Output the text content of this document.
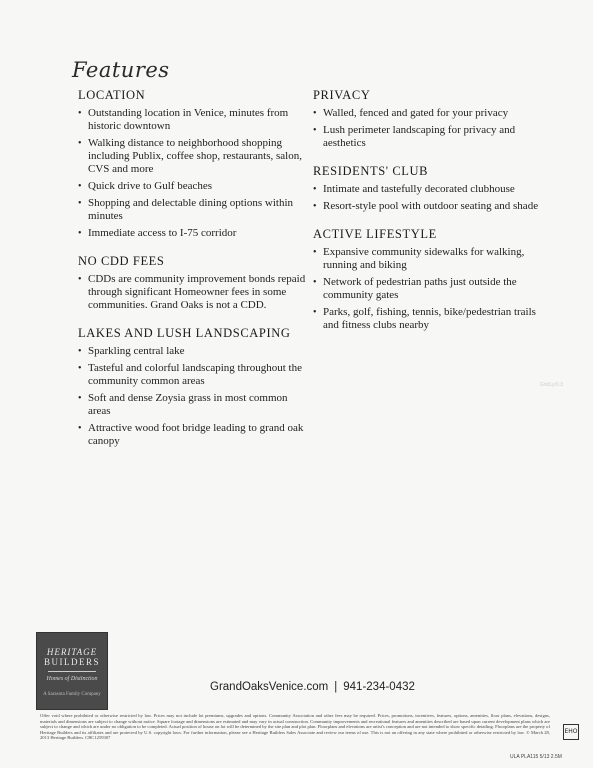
Features
LOCATION
• Outstanding location in Venice, minutes from historic downtown
• Walking distance to neighborhood shopping including Publix, coffee shop, restaurants, salon, CVS and more
• Quick drive to Gulf beaches
• Shopping and delectable dining options within minutes
• Immediate access to I-75 corridor
NO CDD FEES
• CDDs are community improvement bonds repaid through significant Homeowner fees in some communities. Grand Oaks is not a CDD.
LAKES AND LUSH LANDSCAPING
• Sparkling central lake
• Tasteful and colorful landscaping throughout the community common areas
• Soft and dense Zoysia grass in most common areas
• Attractive wood foot bridge leading to grand oak canopy
PRIVACY
• Walled, fenced and gated for your privacy
• Lush perimeter landscaping for privacy and aesthetics
RESIDENTS' CLUB
• Intimate and tastefully decorated clubhouse
• Resort-style pool with outdoor seating and shade
ACTIVE LIFESTYLE
• Expansive community sidewalks for walking, running and biking
• Network of pedestrian paths just outside the community gates
• Parks, golf, fishing, tennis, bike/pedestrian trails and fitness clubs nearby
GridLy/0.3
HERITAGE
BUILDERS
Homes of Distinction
A Sarasota Family Company
GrandOaksVenice.com | 941-234-0432
Offer void where prohibited or otherwise restricted by law. Prices may not include lot premiums, upgrades and options. Community Association and other fees may be required. Prices, promotions, incentives, features, options, amenities, floor plans, elevations, designs, materials and dimensions are subject to change without notice. Square footage and dimensions are estimated and may vary in actual construction. Community improvements and recreational features and amenities described are based upon current development plans which are subject to change and which are under no obligation to be completed. Actual position of house on lot will be determined by the site plan and plot plan. Floorplans and elevations are artist's conception and are not intended to show specific detailing. Floorplans are the property of Heritage Builders and its affiliates and are protected by U.S. copyright laws. For further information, please see a Heritage Builders Sales Associate and review our terms of use. This is not an offering in any state where prohibited or otherwise restricted by law. © March 28, 2013 Heritage Builders. CBC1259307
EHO
ULA PLA115 5/13 2.5M
